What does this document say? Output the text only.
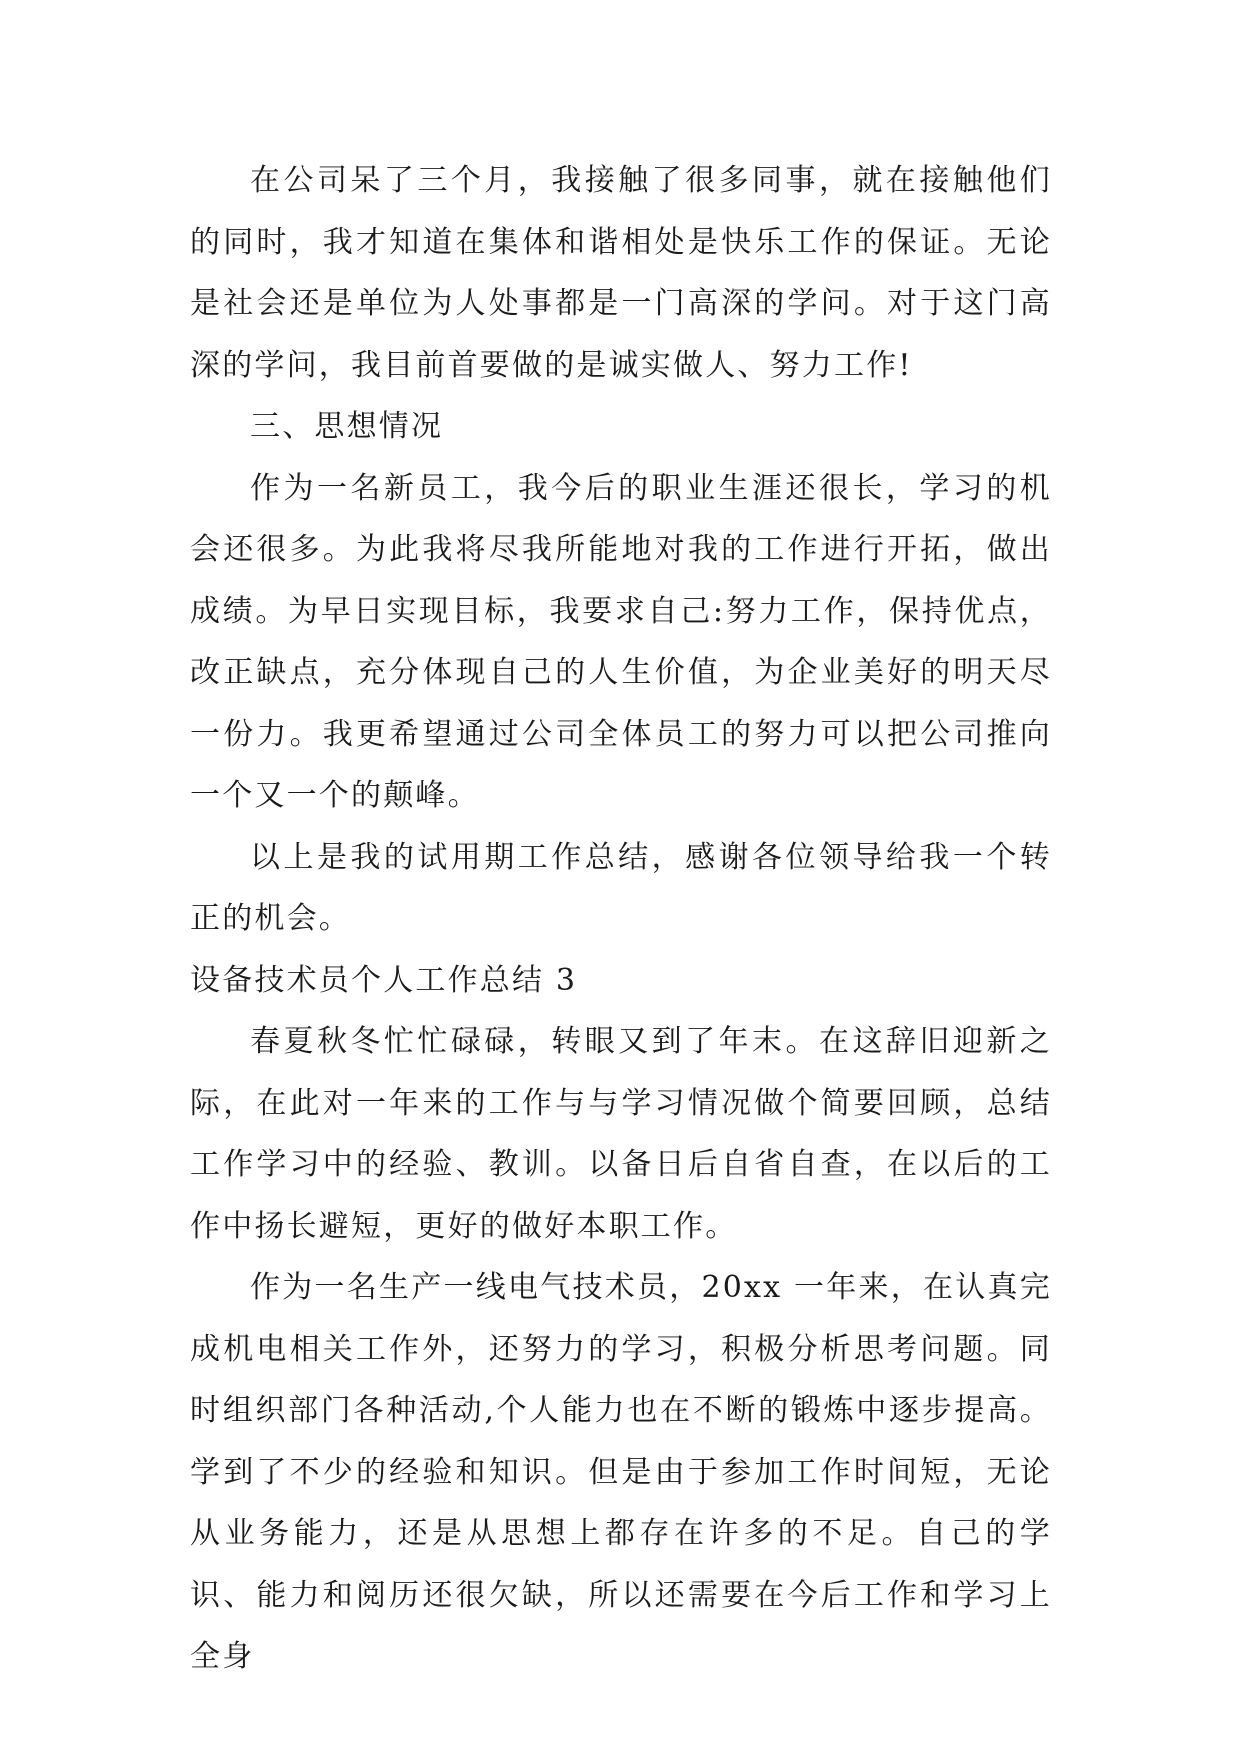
在公司呆了三个月，我接触了很多同事，就在接触他们的同时，我才知道在集体和谐相处是快乐工作的保证。无论是社会还是单位为人处事都是一门高深的学问。对于这门高深的学问，我目前首要做的是诚实做人、努力工作!

三、思想情况

作为一名新员工，我今后的职业生涯还很长，学习的机会还很多。为此我将尽我所能地对我的工作进行开拓，做出成绩。为早日实现目标，我要求自己:努力工作，保持优点，改正缺点，充分体现自己的人生价值，为企业美好的明天尽一份力。我更希望通过公司全体员工的努力可以把公司推向一个又一个的颠峰。

以上是我的试用期工作总结，感谢各位领导给我一个转正的机会。

设备技术员个人工作总结 3

春夏秋冬忙忙碌碌，转眼又到了年末。在这辞旧迎新之际，在此对一年来的工作与与学习情况做个简要回顾，总结工作学习中的经验、教训。以备日后自省自查，在以后的工作中扬长避短，更好的做好本职工作。

作为一名生产一线电气技术员，20xx 一年来，在认真完成机电相关工作外，还努力的学习，积极分析思考问题。同时组织部门各种活动,个人能力也在不断的锻炼中逐步提高。学到了不少的经验和知识。但是由于参加工作时间短，无论从业务能力，还是从思想上都存在许多的不足。自己的学识、能力和阅历还很欠缺，所以还需要在今后工作和学习上全身
